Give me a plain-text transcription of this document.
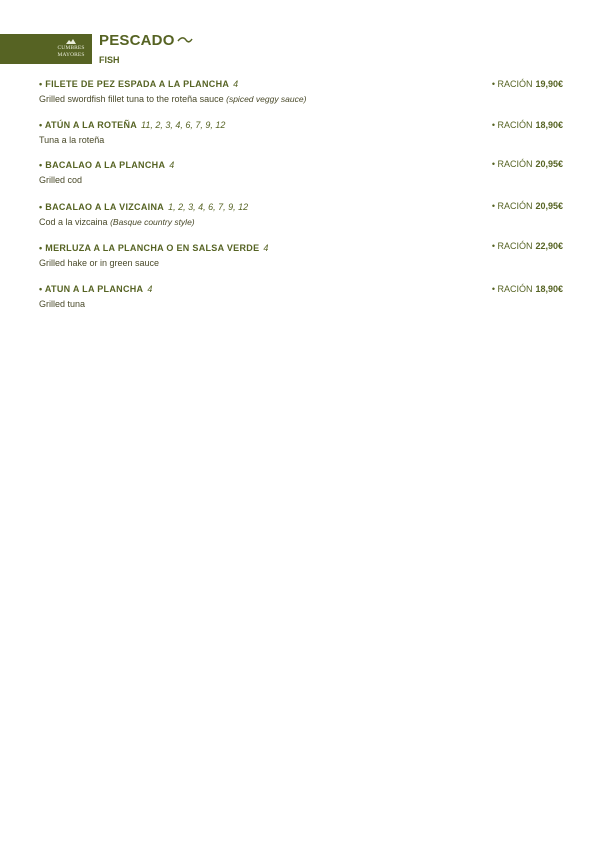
CUMBRES
MAYORES
PESCADO
FISH
• FILETE DE PEZ ESPADA A LA PLANCHA 4
Grilled swordfish fillet tuna to the roteña sauce (spiced veggy sauce)
• RACIÓN 19,90€
• ATÚN A LA ROTEÑA 11, 2, 3, 4, 6, 7, 9, 12
Tuna a la roteña
• RACIÓN 18,90€
• BACALAO A LA PLANCHA 4
Grilled cod
• RACIÓN 20,95€
• BACALAO A LA VIZCAINA 1, 2, 3, 4, 6, 7, 9, 12
Cod a la vizcaina (Basque country style)
• RACIÓN 20,95€
• MERLUZA A LA PLANCHA O EN SALSA VERDE 4
Grilled hake or in green sauce
• RACIÓN 22,90€
• ATUN A LA PLANCHA 4
Grilled tuna
• RACIÓN 18,90€
